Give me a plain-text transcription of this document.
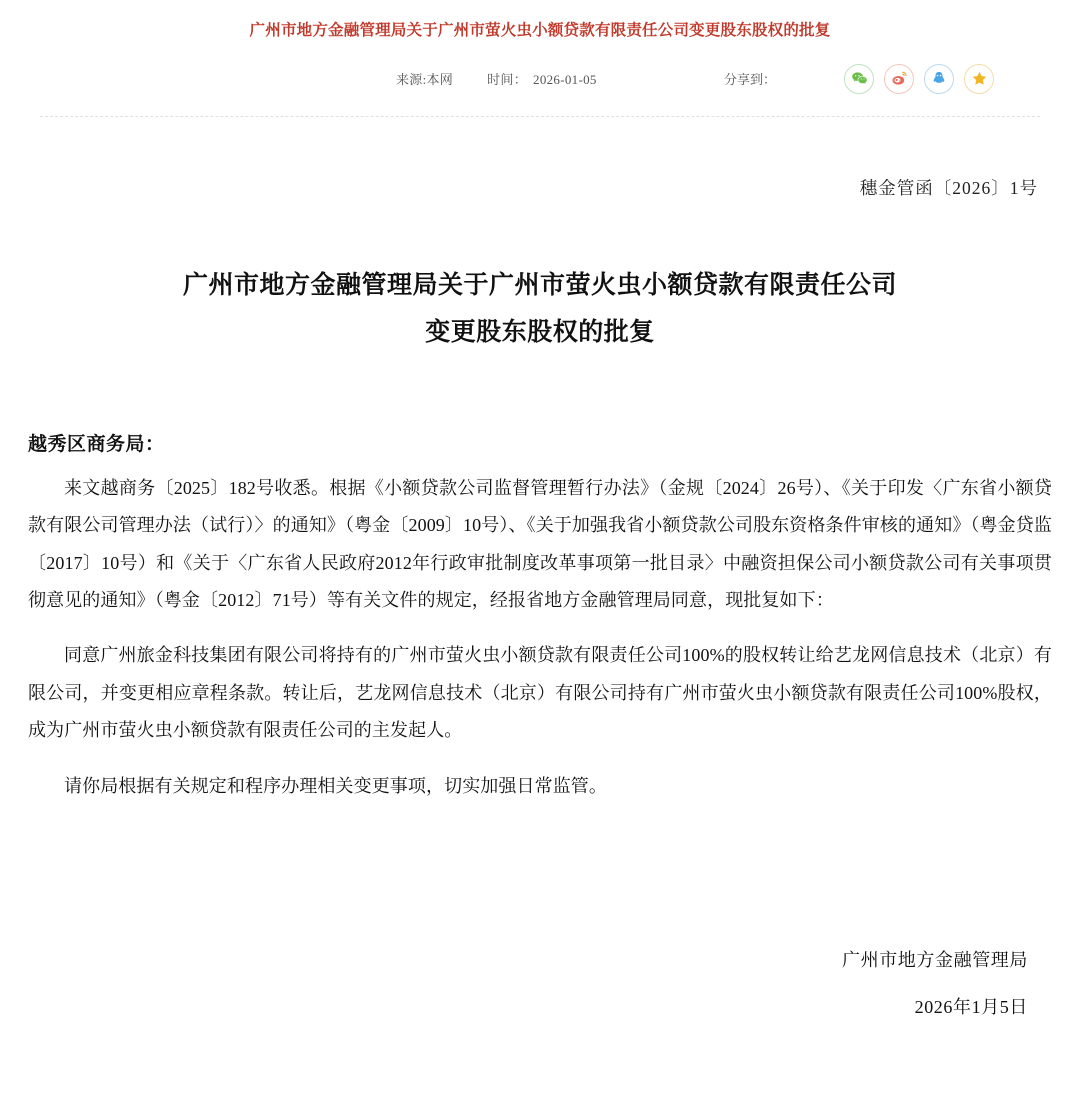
广州市地方金融管理局关于广州市萤火虫小额贷款有限责任公司变更股东股权的批复
来源:本网	时间： 2026-01-05	分享到：
穗金管函〔2026〕1号
广州市地方金融管理局关于广州市萤火虫小额贷款有限责任公司
变更股东股权的批复
越秀区商务局：

来文越商务〔2025〕182号收悉。根据《小额贷款公司监督管理暂行办法》（金规〔2024〕26号）、《关于印发〈广东省小额贷款有限公司管理办法（试行）〉的通知》（粤金〔2009〕10号）、《关于加强我省小额贷款公司股东资格条件审核的通知》（粤金贷监〔2017〕10号）和《关于〈广东省人民政府2012年行政审批制度改革事项第一批目录〉中融资担保公司小额贷款公司有关事项贯彻意见的通知》（粤金〔2012〕71号）等有关文件的规定，经报省地方金融管理局同意，现批复如下：

同意广州旅金科技集团有限公司将持有的广州市萤火虫小额贷款有限责任公司100%的股权转让给艺龙网信息技术（北京）有限公司，并变更相应章程条款。转让后，艺龙网信息技术（北京）有限公司持有广州市萤火虫小额贷款有限责任公司100%股权，成为广州市萤火虫小额贷款有限责任公司的主发起人。

请你局根据有关规定和程序办理相关变更事项，切实加强日常监管。

广州市地方金融管理局
2026年1月5日
